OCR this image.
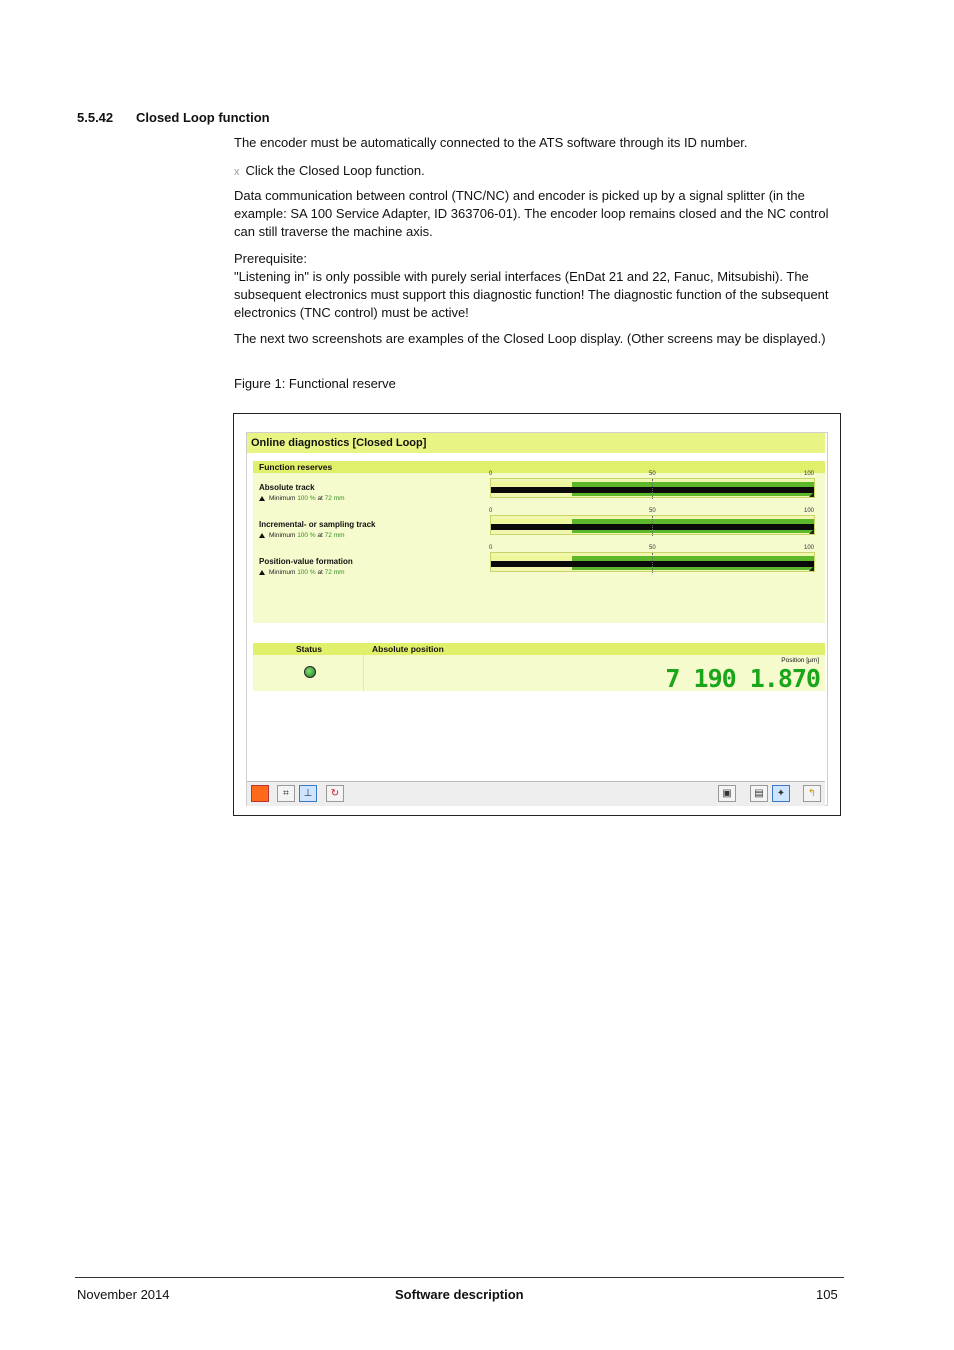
5.5.42 Closed Loop function

The encoder must be automatically connected to the ATS software through its ID number.

x Click the Closed Loop function.

Data communication between control (TNC/NC) and encoder is picked up by a signal splitter (in the example: SA 100 Service Adapter, ID 363706-01). The encoder loop remains closed and the NC control can still traverse the machine axis.

Prerequisite:

"Listening in" is only possible with purely serial interfaces (EnDat 21 and 22, Fanuc, Mitsubishi). The subsequent electronics must support this diagnostic function! The diagnostic function of the subsequent electronics (TNC control) must be active!

The next two screenshots are examples of the Closed Loop display. (Other screens may be displayed.)

Figure 1: Functional reserve

Online diagnostics [Closed Loop]
Function reserves
Absolute track
Minimum 100 % at 72 mm
0	50	100
Incremental- or sampling track
Minimum 100 % at 72 mm
0	50	100
Position-value formation
Minimum 100 % at 72 mm
0	50	100
Status	Absolute position
Position [µm]
7 190 1.870
⌗	⊥	↻	▣	▤	✦	↰
November 2014	Software description	105
